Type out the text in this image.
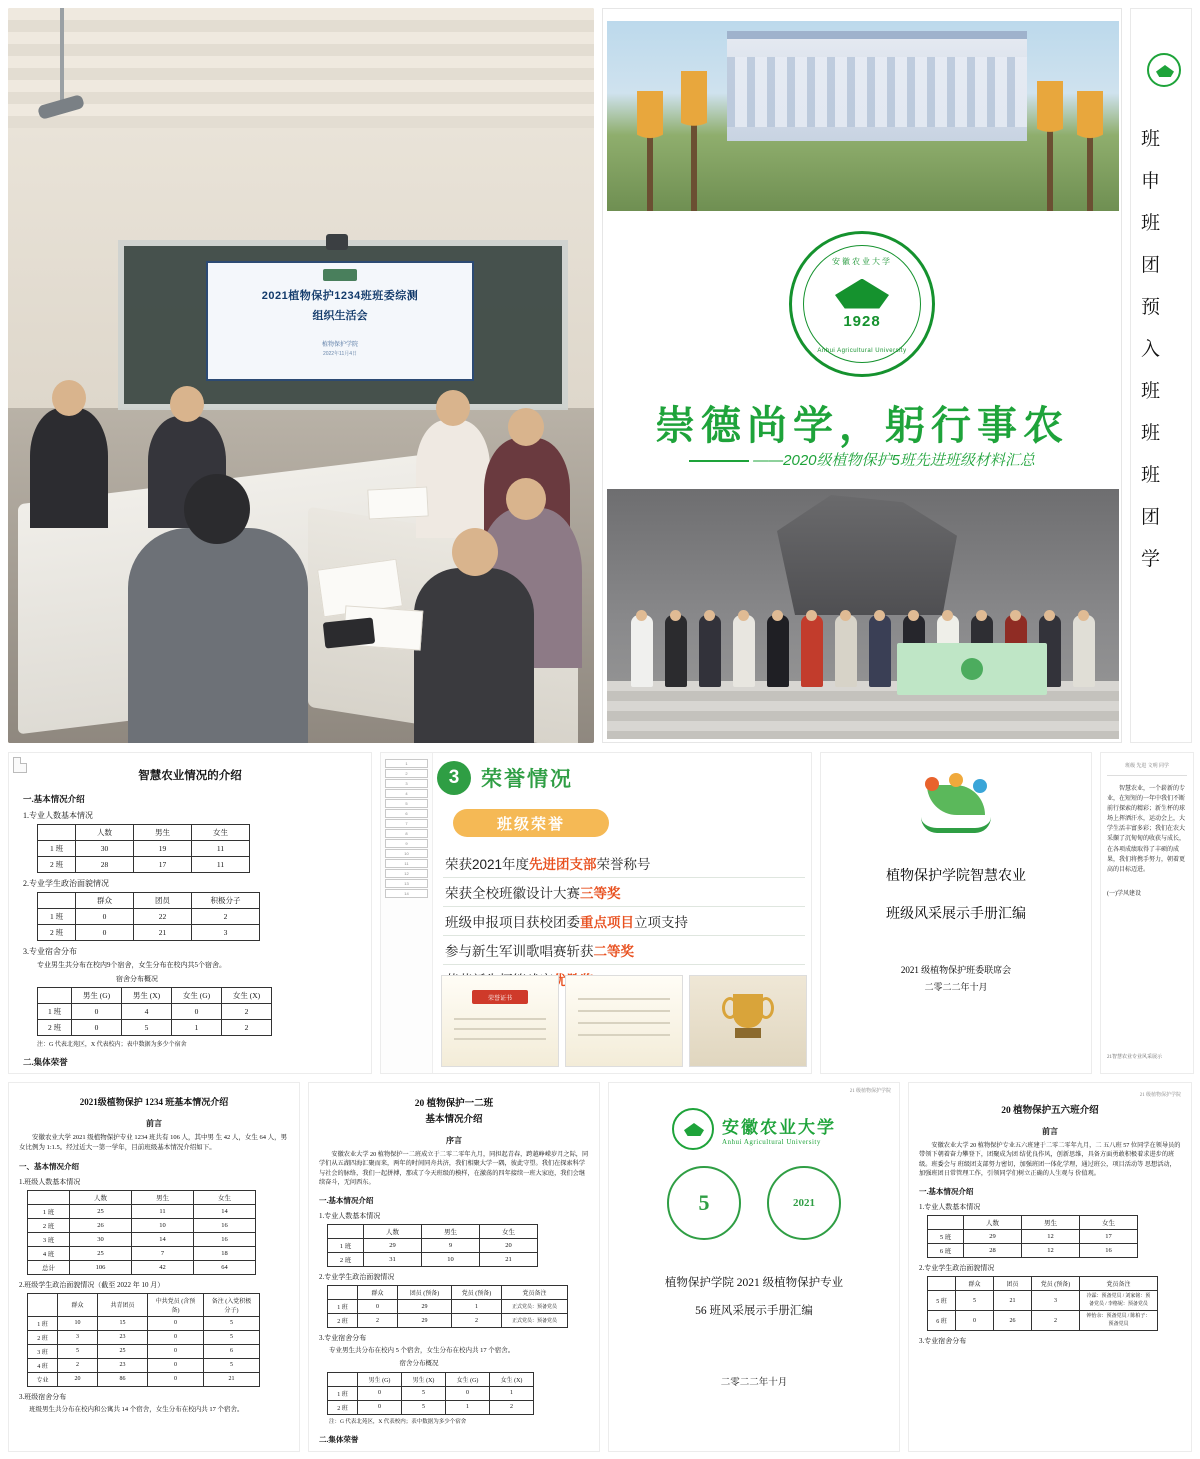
2021植物保护1234班班委综测
组织生活会
植物保护学院
2022年11月4日
安徽农业大学
1928
Anhui Agricultural University
崇德尚学，躬行事农
——2020级植物保护5班先进班级材料汇总
班
申
班
团
预
入
班
班
班
团
学
智慧农业情况的介绍
一.基本情况介绍
1.专业人数基本情况
	人数	男生	女生
1 班	30	19	11
2 班	28	17	11
2.专业学生政治面貌情况
	群众	团员	积极分子
1 班	0	22	2
2 班	0	21	3
3.专业宿舍分布
专业男生共分布在校内9个宿舍，女生分布在校内共5个宿舍。
宿舍分布概况
	男生 (G)	男生 (X)	女生 (G)	女生 (X)
1 班	0	4	0	2
2 班	0	5	1	2
注：G 代表北苑区，X 代表校内；表中数据为多少个宿舍
二.集体荣誉
1
2
3
4
5
6
7
8
9
10
11
12
13
14
3	荣誉情况
班级荣誉
荣获2021年度先进团支部荣誉称号
荣获全校班徽设计大赛三等奖
班级申报项目获校团委重点项目立项支持
参与新生军训歌唱赛斩获二等奖
荣誉证书
植物保护学院智慧农业
班级风采展示手册汇编
2021 级植物保护班委联席会
二零二二年十月
班级 先进 文明 同学

智慧农业，一个崭新的专业，在短短的一年中我们不断前行探索的精彩；新生杯的球场上挥洒汗水，运动会上，大学生活丰富多彩；我们在农大采撷了沉甸甸的收获与成长，在各项成绩取得了丰硕的成果，我们将携手努力，朝着更高的目标迈进。

(一)学风建设

21智慧农业专业风采展示

2021级植物保护 1234 班基本情况介绍
前言
安徽农业大学 2021 级植物保护专业 1234 班共有 106 人，其中男 生 42 人，女生 64 人，男女比例为 1:1.5。经过近大一第一学年，目前班级基本情况介绍如下。
一、基本情况介绍
1.班级人数基本情况
	人数	男生	女生
1 班	25	11	14
2 班	26	10	16
3 班	30	14	16
4 班	25	7	18
总计	106	42	64
2.班级学生政治面貌情况（截至 2022 年 10 月）
	群众	共青团员	中共党员 (含预备)	备注 (入党积极分子)
1 班	10	15	0	5
2 班	3	23	0	5
3 班	5	25	0	6
4 班	2	23	0	5
专业	20	86	0	21
3.班级宿舍分布
班级男生共分布在校内和公寓共 14 个宿舍，女生分布在校内共 17 个宿舍。
20 植物保护一二班
基本情况介绍
序言
安徽农业大学 20 植物保护一二班成立于二零二零年九月，同担起青春，跨越峥嵘岁月之际，同学们从五湖四海汇聚而来，两年的时间同舟共济，我们相聚大学一隅，彼此守望。我们在探索科学与社会的脉络，我们一起拼搏，那成了今天班级的模样，在激荡的四年接续一班大家庭，我们会继续奋斗，无问西东。
一.基本情况介绍
1.专业人数基本情况
	人数	男生	女生
1 班	29	9	20
2 班	31	10	21
2.专业学生政治面貌情况
	群众	团员 (预备)	党员 (预备)	党员备注
1 班	0	29	1	正式党员：预备党员
2 班	2	29	2	正式党员：预备党员
3.专业宿舍分布
专业男生共分布在校内 5 个宿舍，女生分布在校内共 17 个宿舍。
宿舍分布概况
	男生 (G)	男生 (X)	女生 (G)	女生 (X)
1 班	0	5	0	1
2 班	0	5	1	2
注：G 代表北苑区，X 代表校内；表中数据为多少个宿舍
二.集体荣誉
21 级植物保护学院
安徽农业大学
Anhui Agricultural University
5	2021
植物保护学院 2021 级植物保护专业
56 班风采展示手册汇编
二零二二年十月
21 级植物保护学院
20 植物保护五六班介绍
前言
安徽农业大学 20 植物保护专业五六班建于二零二零年九月，二 五八班 57 位同学在领导员的带领下朝着奋力攀登下，团聚成为团 结优良作风，创新思维，具备方面勇敢积极着求进步的班级。班委会与 班级团支部努力密切，加强班团一体化学理，通过班公，项目活动等 思想活动，加强班团日常管理工作，引领同学们树立正确的人生观与 价值观。
一.基本情况介绍
1.专业人数基本情况
	人数	男生	女生
5 班	29	12	17
6 班	28	12	16
2.专业学生政治面貌情况
	群众	团员	党员 (预备)	党员备注
5 班	5	21	3	冷霖：预备党员 / 刘家铭：预备党员 / 李格妮：预备党员
6 班	0	26	2	钟怡余：预备党员 / 陈柏子：预备党员
3.专业宿舍分布
